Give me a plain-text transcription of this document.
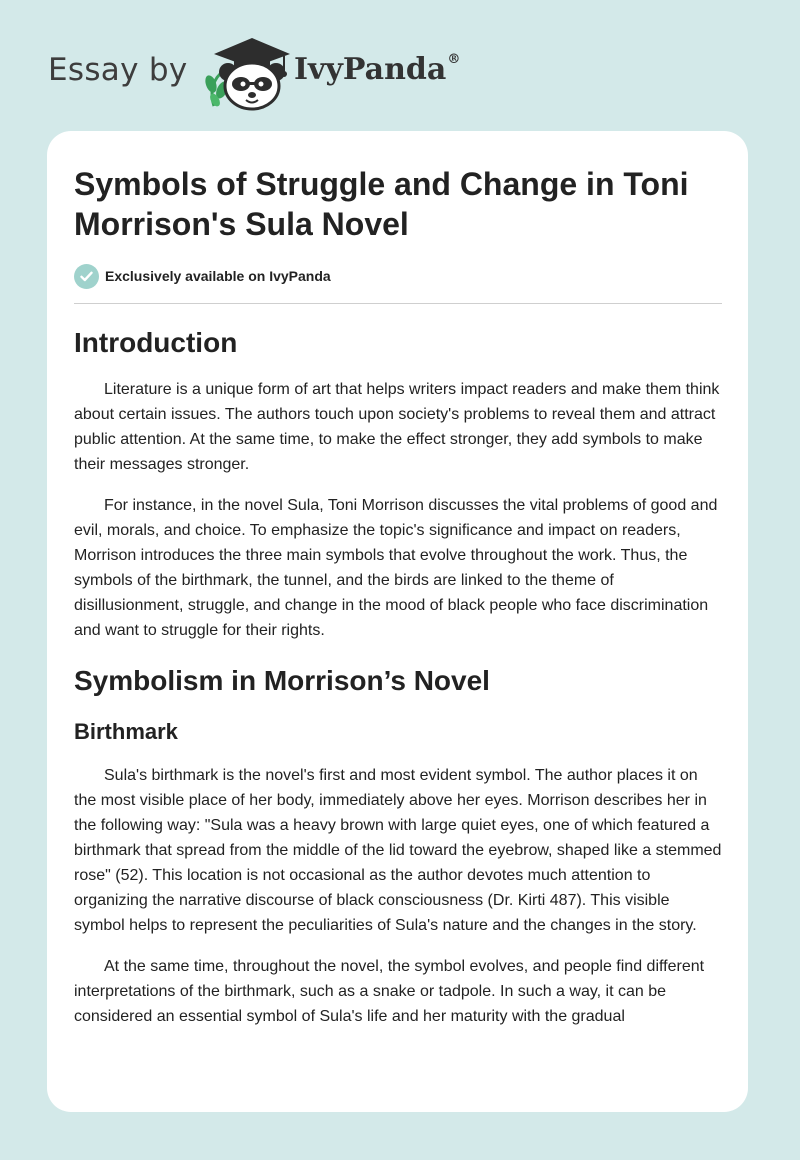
Essay by	IvyPanda®
Symbols of Struggle and Change in Toni Morrison's Sula Novel
Exclusively available on IvyPanda
Introduction

Literature is a unique form of art that helps writers impact readers and make them think about certain issues. The authors touch upon society's problems to reveal them and attract public attention. At the same time, to make the effect stronger, they add symbols to make their messages stronger.

For instance, in the novel Sula, Toni Morrison discusses the vital problems of good and evil, morals, and choice. To emphasize the topic's significance and impact on readers, Morrison introduces the three main symbols that evolve throughout the work. Thus, the symbols of the birthmark, the tunnel, and the birds are linked to the theme of disillusionment, struggle, and change in the mood of black people who face discrimination and want to struggle for their rights.

Symbolism in Morrison’s Novel
Birthmark

Sula's birthmark is the novel's first and most evident symbol. The author places it on the most visible place of her body, immediately above her eyes. Morrison describes her in the following way: "Sula was a heavy brown with large quiet eyes, one of which featured a birthmark that spread from the middle of the lid toward the eyebrow, shaped like a stemmed rose" (52). This location is not occasional as the author devotes much attention to organizing the narrative discourse of black consciousness (Dr. Kirti 487). This visible symbol helps to represent the peculiarities of Sula's nature and the changes in the story.

At the same time, throughout the novel, the symbol evolves, and people find different interpretations of the birthmark, such as a snake or tadpole. In such a way, it can be considered an essential symbol of Sula's life and her maturity with the gradual
